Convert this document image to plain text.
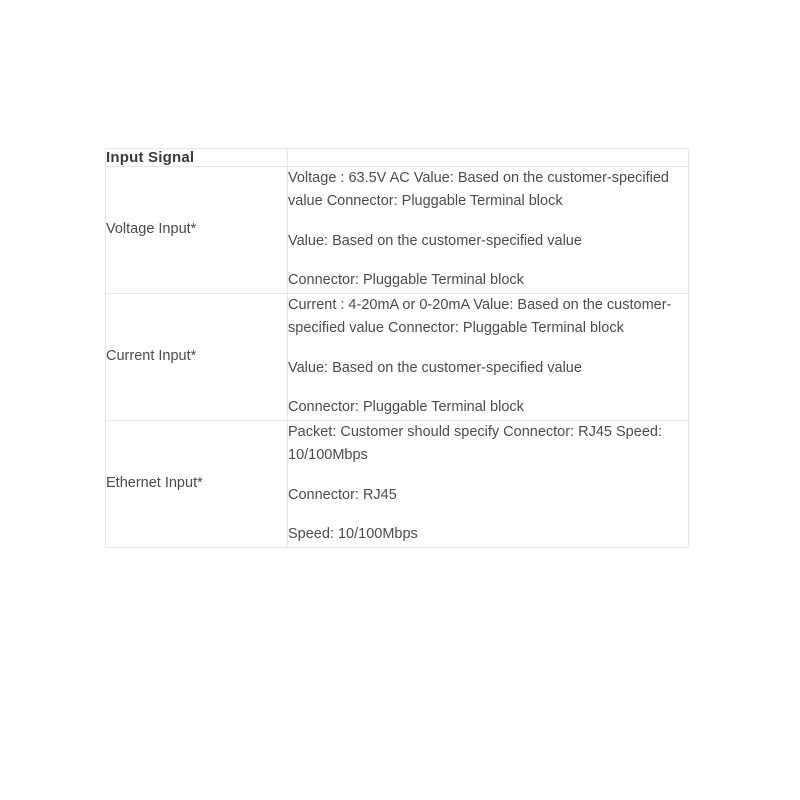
Input Signal	
Voltage Input*	Voltage : 63.5V AC Value: Based on the customer-specified value Connector: Pluggable Terminal block

Value: Based on the customer-specified value

Connector: Pluggable Terminal block

Current Input*	Current : 4-20mA or 0-20mA Value: Based on the customer-specified value Connector: Pluggable Terminal block

Value: Based on the customer-specified value

Connector: Pluggable Terminal block

Ethernet Input*	Packet: Customer should specify Connector: RJ45 Speed: 10/100Mbps

Connector: RJ45

Speed: 10/100Mbps
